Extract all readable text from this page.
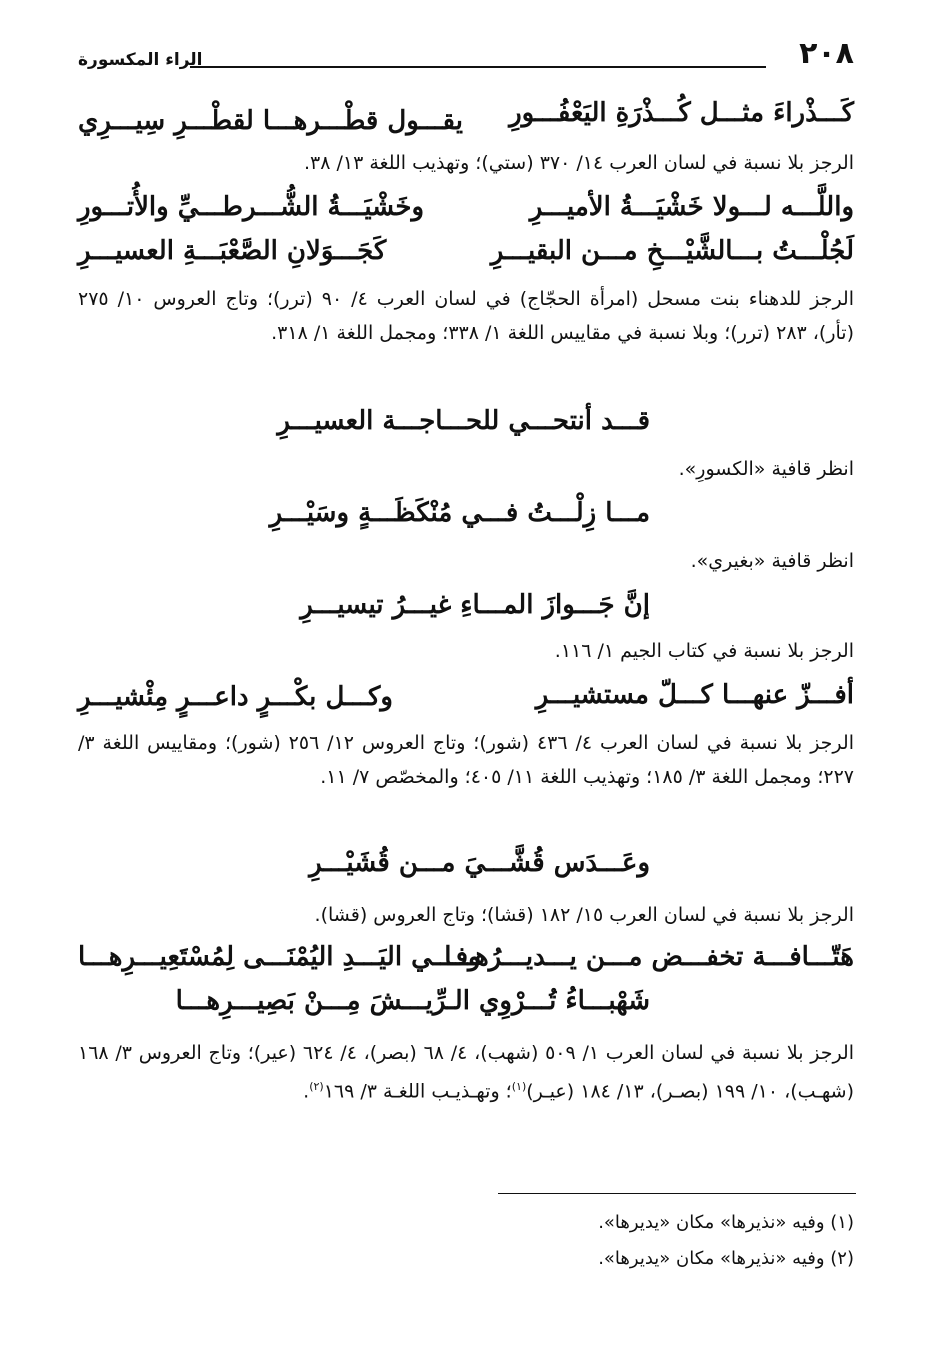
٢٠٨
الراء المكسورة
كَـــذْراءَ مثـــل كُـــذْرَةِ اليَعْفُـــورِ
يقـــول قطْـــرهـــا لقطْـــرِ سِيـــرِي
الرجز بلا نسبة في لسان العرب ١٤/ ٣٧٠ (ستي)؛ وتهذيب اللغة ١٣/ ٣٨.
واللَّـــه لـــولا خَشْيَـــةُ الأميـــرِ
وخَشْيَـــةُ الشُّـــرطـــيِّ والأُتـــورِ
لَجُلْـــتُ بـــالشَّيْـــخِ مـــن البقيـــرِ
كَجَـــوَلانِ الصَّعْبَـــةِ العسيـــرِ
الرجز للدهناء بنت مسحل (امرأة الحجّاج) في لسان العرب ٤/ ٩٠ (ترر)؛ وتاج العروس ١٠/ ٢٧٥ (تأر)، ٢٨٣ (ترر)؛ وبلا نسبة في مقاييس اللغة ١/ ٣٣٨؛ ومجمل اللغة ١/ ٣١٨.
قـــد أنتحـــي للحـــاجـــة العسيـــرِ
انظر قافية «الكسورِ».
مـــا زِلْـــتُ فـــي مُنْكَظَـــةٍ وسَيْـــرِ
انظر قافية «بغيري».
إنَّ جَـــوازَ المـــاءِ غيـــرُ تيسيـــرِ
الرجز بلا نسبة في كتاب الجيم ١/ ١١٦.
أفـــزّ عنهـــا كـــلّ مستشيـــرِ
وكـــل بكْـــرٍ داعـــرٍ مِئْشيـــرِ
الرجز بلا نسبة في لسان العرب ٤/ ٤٣٦ (شور)؛ وتاج العروس ١٢/ ٢٥٦ (شور)؛ ومقاييس اللغة ٣/ ٢٢٧؛ ومجمل اللغة ٣/ ١٨٥؛ وتهذيب اللغة ١١/ ٤٠٥؛ والمخصّص ٧/ ١١.
وعَـــدَس قُشَّـــيَ مـــن قُشَيْـــرِ
الرجز بلا نسبة في لسان العرب ١٥/ ١٨٢ (قشا)؛ وتاج العروس (قشا).
هَتّـــافـــة تخفـــض مـــن يـــديـــرُهـــا
وفـــي اليَـــدِ اليُمْنَـــى لِمُسْتَعِيـــرِهـــا
شَهْبـــاءُ تُـــرْوِي الـرِّيـــشَ مِـــنْ بَصِيـــرِهـــا
الرجز بلا نسبة في لسان العرب ١/ ٥٠٩ (شهب)، ٤/ ٦٨ (بصر)، ٤/ ٦٢٤ (عير)؛ وتاج العروس ٣/ ١٦٨ (شهـب)، ١٠/ ١٩٩ (بصـر)، ١٣/ ١٨٤ (عيـر)$^{(١)}$؛ وتهـذيـب اللغـة ٣/ ١٦٩$^{(٢)}$.
(١) وفيه «نذيرها» مكان «يديرها».
(٢) وفيه «نذيرها» مكان «يديرها».
